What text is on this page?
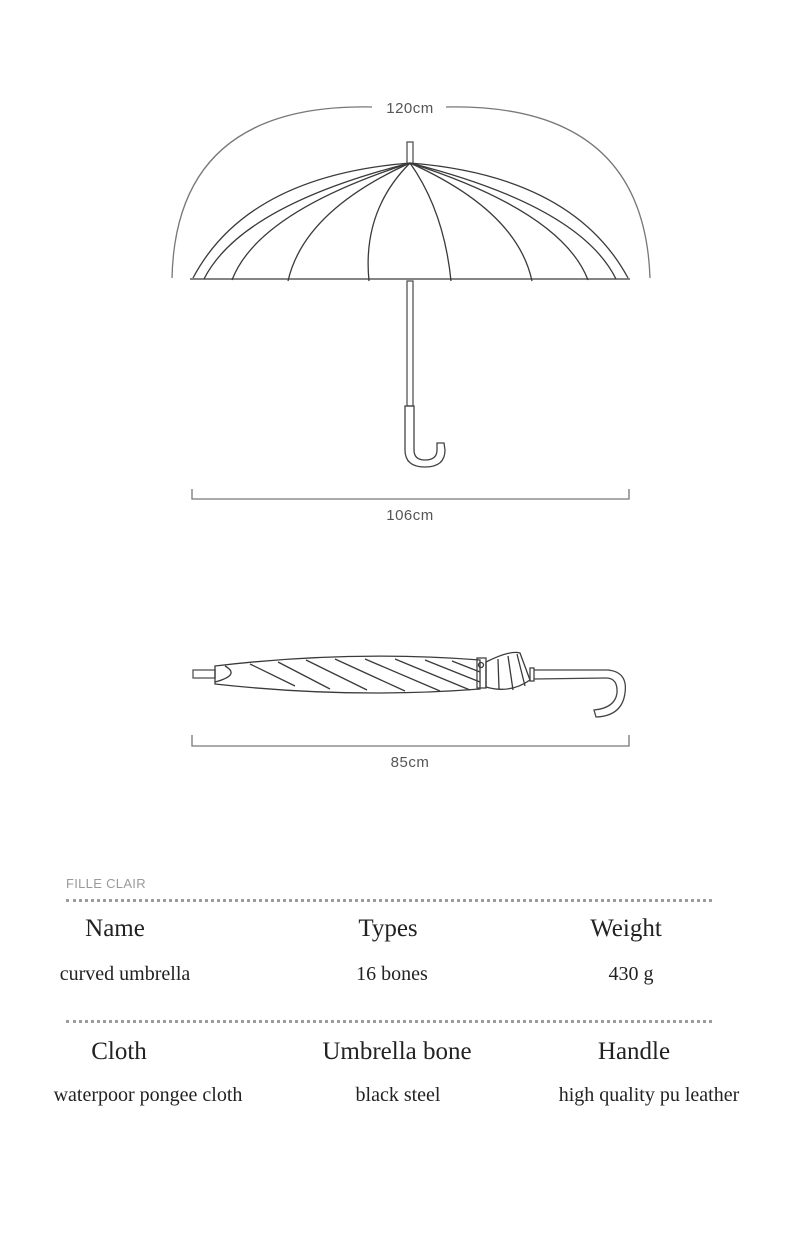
120cm
106cm
85cm
FILLE CLAIR
Name	Types	Weight
curved umbrella	16 bones	430 g
Cloth	Umbrella bone	Handle
waterpoor pongee cloth	black steel	high quality pu leather
